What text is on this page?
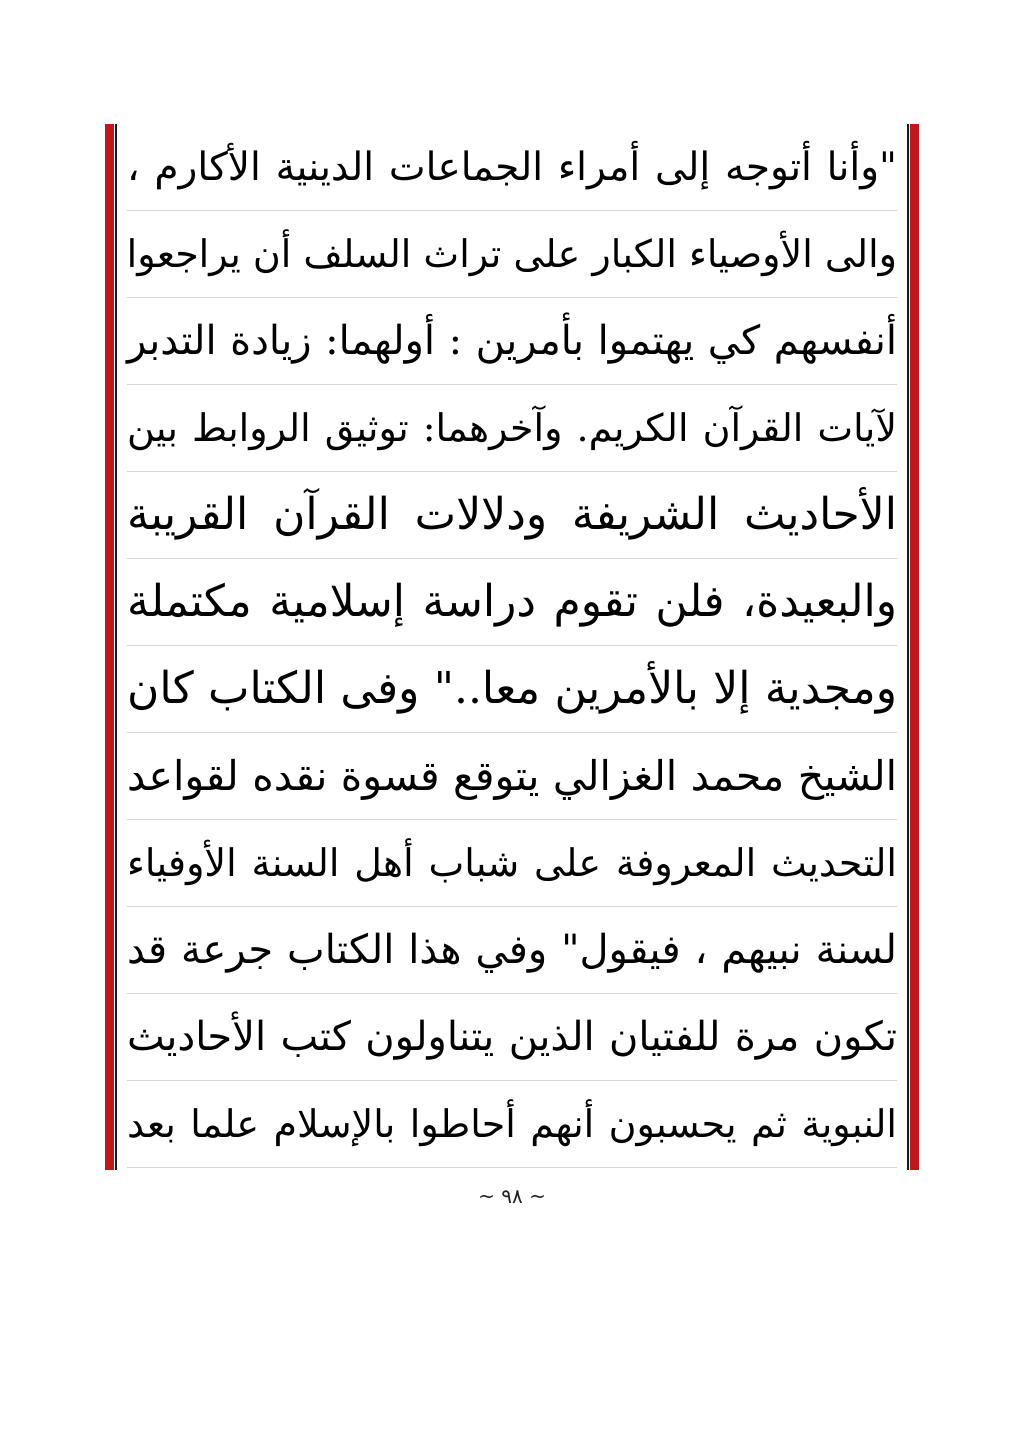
"وأنا أتوجه إلى أمراء الجماعات الدينية الأكارم ،
والى الأوصياء الكبار على تراث السلف أن يراجعوا
أنفسهم كي يهتموا بأمرين : أولهما: زيادة التدبر
لآيات القرآن الكريم. وآخرهما: توثيق الروابط بين
الأحاديث الشريفة ودلالات القرآن القريبة
والبعيدة، فلن تقوم دراسة إسلامية مكتملة
ومجدية إلا بالأمرين معا.." وفى الكتاب كان
الشيخ محمد الغزالي يتوقع قسوة نقده لقواعد
التحديث المعروفة على شباب أهل السنة الأوفياء
لسنة نبيهم ، فيقول" وفي هذا الكتاب جرعة قد
تكون مرة للفتيان الذين يتناولون كتب الأحاديث
النبوية ثم يحسبون أنهم أحاطوا بالإسلام علما بعد
~ ٩٨ ~
